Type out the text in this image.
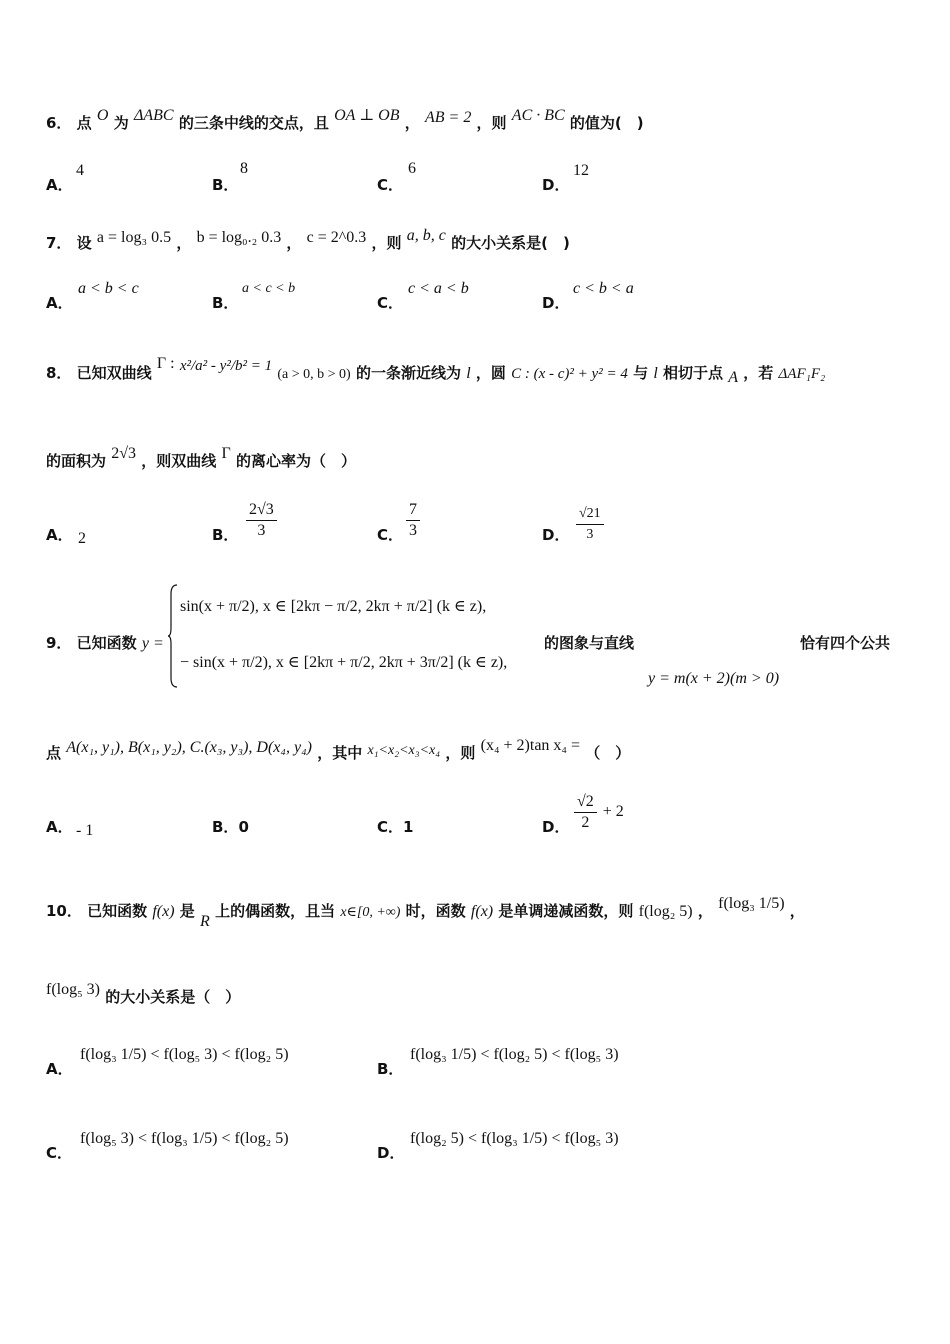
6． 点 O 为 ΔABC 的三条中线的交点，且 OA ⊥ OB ， AB = 2 ，则 AC · BC 的值为(　)
A．
4
B．
8
C．
6
D．
12
7． 设 a = log₃ 0.5 ， b = log₀.₂ 0.3 ， c = 2^0.3 ，则 a, b, c 的大小关系是(　)
A．
a < b < c
B．
a < c < b
C．
c < a < b
D．
c < b < a
8． 已知双曲线 Γ : x²/a² - y²/b² = 1 (a > 0, b > 0) 的一条渐近线为 l ，圆 C : (x - c)² + y² = 4 与 l 相切于点 A ，若 ΔAF₁F₂
的面积为 2√3 ，则双曲线 Γ 的离心率为（　）
A． 2	B． $\frac{2√3}{3}$	C． $\frac{7}{3}$	D． $\frac{√21}{3}$
9． 已知函数 y =
sin(x + π/2), x ∈ [2kπ − π/2, 2kπ + π/2] (k ∈ z),
− sin(x + π/2), x ∈ [2kπ + π/2, 2kπ + 3π/2] (k ∈ z),
的图象与直线	恰有四个公共
y = m(x + 2)(m > 0)
点 A(x₁, y₁), B(x₁, y₂), C.(x₃, y₃), D(x₄, y₄) ，其中 x₁<x₂<x₃<x₄ ，则 (x₄ + 2)tan x₄ = （　）
A． - 1	B．0	C．1	D． $\frac{√2}{2} + 2$
10． 已知函数 f(x) 是 R 上的偶函数，且当 x∈[0, +∞) 时，函数 f(x) 是单调递减函数，则 f(log₂ 5) ， f(log₃ 1/5) ，
f(log₅ 3) 的大小关系是（　）
A．
f(log₃ 1/5) < f(log₅ 3) < f(log₂ 5)
B．
f(log₃ 1/5) < f(log₂ 5) < f(log₅ 3)
C．
f(log₅ 3) < f(log₃ 1/5) < f(log₂ 5)
D．
f(log₂ 5) < f(log₃ 1/5) < f(log₅ 3)
